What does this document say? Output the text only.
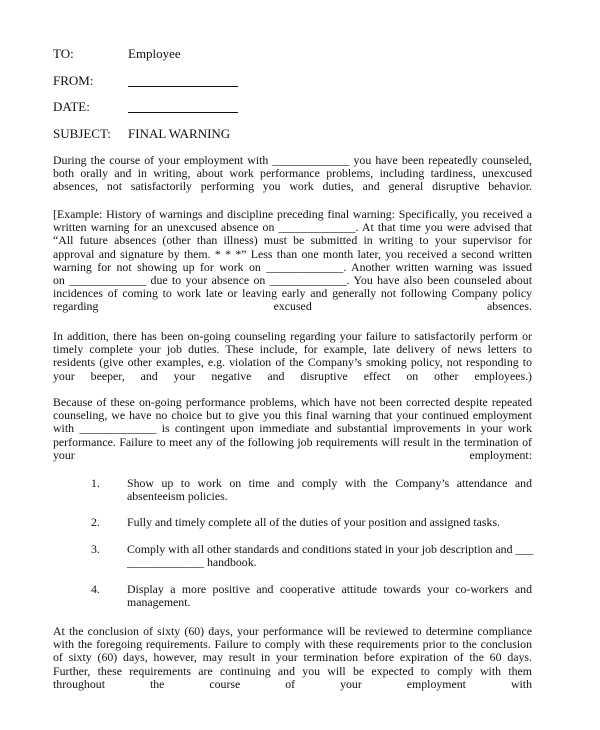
TO:	Employee
FROM:
DATE:
SUBJECT: FINAL WARNING
During the course of your employment with _____________ you have been repeatedly counseled,
both orally and in writing, about work performance problems, including tardiness, unexcused
absences, not satisfactorily performing you work duties, and general disruptive behavior.
[Example: History of warnings and discipline preceding final warning: Specifically, you received a
written warning for an unexcused absence on _____________. At that time you were advised that
“All future absences (other than illness) must be submitted in writing to your supervisor for
approval and signature by them. * * *” Less than one month later, you received a second written
warning for not showing up for work on _____________. Another written warning was issued
on _____________ due to your absence on _____________. You have also been counseled about
incidences of coming to work late or leaving early and generally not following Company policy
regarding excused absences.
In addition, there has been on-going counseling regarding your failure to satisfactorily perform or
timely complete your job duties. These include, for example, late delivery of news letters to
residents (give other examples, e.g. violation of the Company’s smoking policy, not responding to
your beeper, and your negative and disruptive effect on other employees.)
Because of these on-going performance problems, which have not been corrected despite repeated
counseling, we have no choice but to give you this final warning that your continued employment
with _____________ is contingent upon immediate and substantial improvements in your work
performance. Failure to meet any of the following job requirements will result in the termination of
your employment:
1. Show up to work on time and comply with the Company’s attendance and
absenteeism policies.
2. Fully and timely complete all of the duties of your position and assigned tasks.
3. Comply with all other standards and conditions stated in your job description and ___
_____________ handbook.
4. Display a more positive and cooperative attitude towards your co-workers and
management.
At the conclusion of sixty (60) days, your performance will be reviewed to determine compliance
with the foregoing requirements. Failure to comply with these requirements prior to the conclusion
of sixty (60) days, however, may result in your termination before expiration of the 60 days.
Further, these requirements are continuing and you will be expected to comply with them
throughout the course of your employment with
